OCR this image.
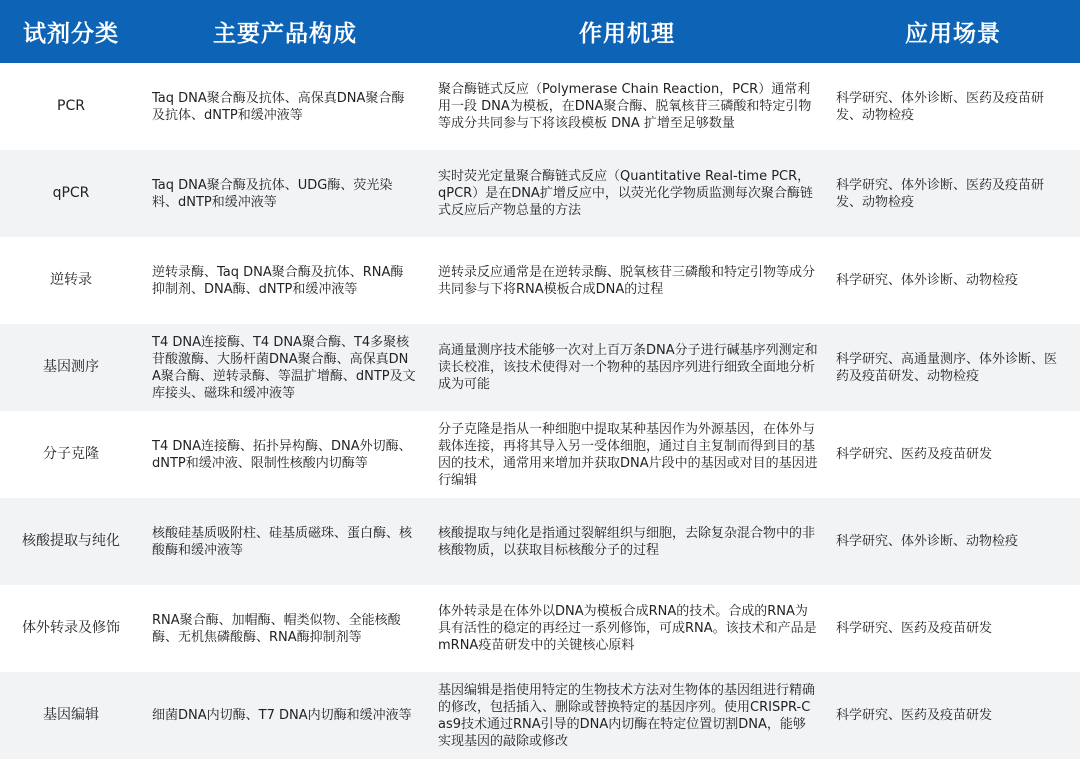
试剂分类	主要产品构成	作用机理	应用场景
PCR	Taq DNA聚合酶及抗体、高保真DNA聚合酶及抗体、dNTP和缓冲液等	聚合酶链式反应（Polymerase Chain Reaction，PCR）通常利用一段 DNA为模板，在DNA聚合酶、脱氧核苷三磷酸和特定引物等成分共同参与下将该段模板 DNA 扩增至足够数量	科学研究、体外诊断、医药及疫苗研发、动物检疫
qPCR	Taq DNA聚合酶及抗体、UDG酶、荧光染料、dNTP和缓冲液等	实时荧光定量聚合酶链式反应（Quantitative Real-time PCR，qPCR）是在DNA扩增反应中，以荧光化学物质监测每次聚合酶链式反应后产物总量的方法	科学研究、体外诊断、医药及疫苗研发、动物检疫
逆转录	逆转录酶、Taq DNA聚合酶及抗体、RNA酶抑制剂、DNA酶、dNTP和缓冲液等	逆转录反应通常是在逆转录酶、脱氧核苷三磷酸和特定引物等成分共同参与下将RNA模板合成DNA的过程	科学研究、体外诊断、动物检疫
基因测序	T4 DNA连接酶、T4 DNA聚合酶、T4多聚核苷酸激酶、大肠杆菌DNA聚合酶、高保真DNA聚合酶、逆转录酶、等温扩增酶、dNTP及文库接头、磁珠和缓冲液等	高通量测序技术能够一次对上百万条DNA分子进行碱基序列测定和读长校准，该技术使得对一个物种的基因序列进行细致全面地分析成为可能	科学研究、高通量测序、体外诊断、医药及疫苗研发、动物检疫
分子克隆	T4 DNA连接酶、拓扑异构酶、DNA外切酶、dNTP和缓冲液、限制性核酸内切酶等	分子克隆是指从一种细胞中提取某种基因作为外源基因，在体外与载体连接，再将其导入另一受体细胞，通过自主复制而得到目的基因的技术，通常用来增加并获取DNA片段中的基因或对目的基因进行编辑	科学研究、医药及疫苗研发
核酸提取与纯化	核酸硅基质吸附柱、硅基质磁珠、蛋白酶、核酸酶和缓冲液等	核酸提取与纯化是指通过裂解组织与细胞，去除复杂混合物中的非核酸物质，以获取目标核酸分子的过程	科学研究、体外诊断、动物检疫
体外转录及修饰	RNA聚合酶、加帽酶、帽类似物、全能核酸酶、无机焦磷酸酶、RNA酶抑制剂等	体外转录是在体外以DNA为模板合成RNA的技术。合成的RNA为具有活性的稳定的再经过一系列修饰，可成RNA。该技术和产品是mRNA疫苗研发中的关键核心原料	科学研究、医药及疫苗研发
基因编辑	细菌DNA内切酶、T7 DNA内切酶和缓冲液等	基因编辑是指使用特定的生物技术方法对生物体的基因组进行精确的修改，包括插入、删除或替换特定的基因序列。使用CRISPR-Cas9技术通过RNA引导的DNA内切酶在特定位置切割DNA，能够实现基因的敲除或修改	科学研究、医药及疫苗研发
